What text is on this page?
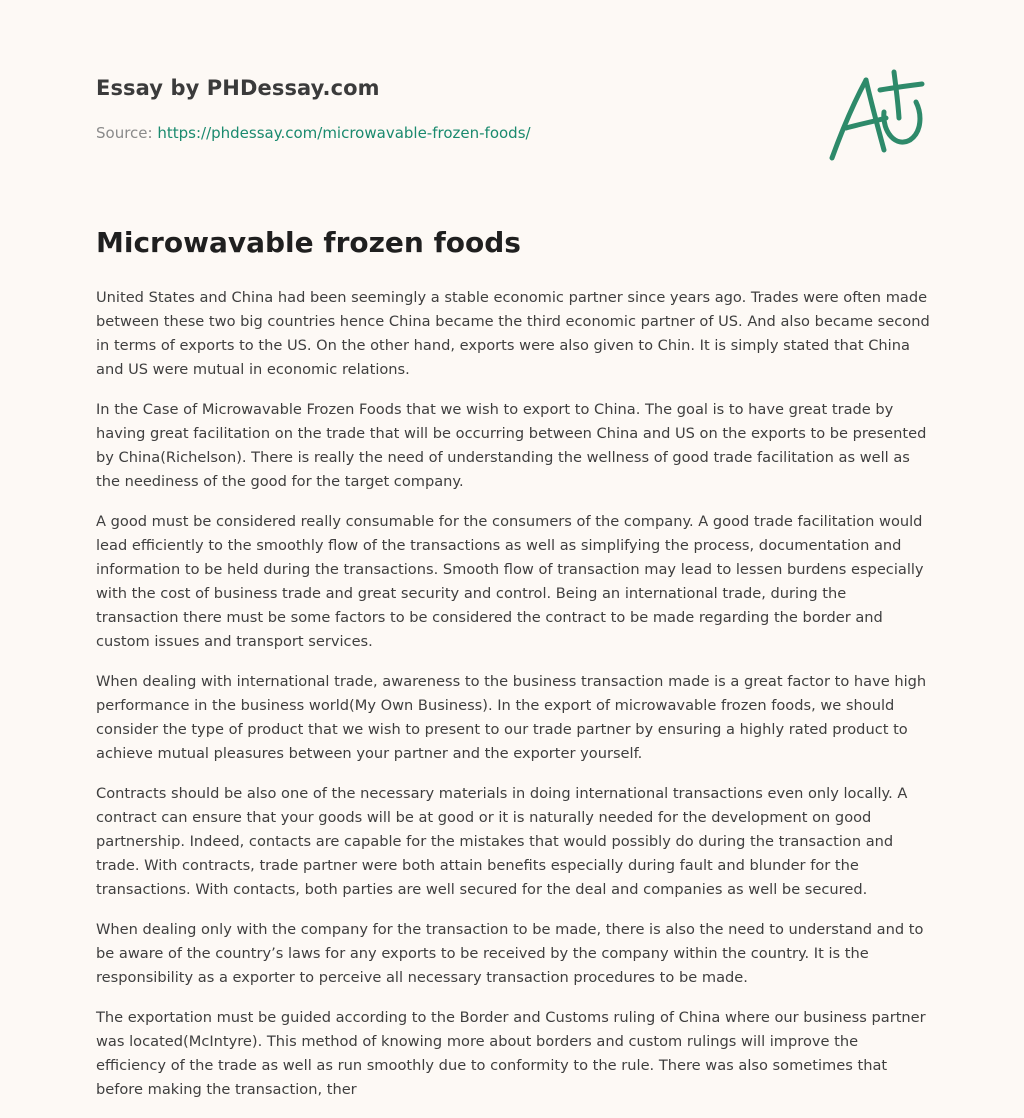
Essay by PHDessay.com

Source: https://phdessay.com/microwavable-frozen-foods/

Microwavable frozen foods

United States and China had been seemingly a stable economic partner since years ago. Trades were often made between these two big countries hence China became the third economic partner of US. And also became second in terms of exports to the US. On the other hand, exports were also given to Chin. It is simply stated that China and US were mutual in economic relations.

In the Case of Microwavable Frozen Foods that we wish to export to China. The goal is to have great trade by having great facilitation on the trade that will be occurring between China and US on the exports to be presented by China(Richelson). There is really the need of understanding the wellness of good trade facilitation as well as the neediness of the good for the target company.

A good must be considered really consumable for the consumers of the company. A good trade facilitation would lead efficiently to the smoothly flow of the transactions as well as simplifying the process, documentation and information to be held during the transactions. Smooth flow of transaction may lead to lessen burdens especially with the cost of business trade and great security and control. Being an international trade, during the transaction there must be some factors to be considered the contract to be made regarding the border and custom issues and transport services.

When dealing with international trade, awareness to the business transaction made is a great factor to have high performance in the business world(My Own Business). In the export of microwavable frozen foods, we should consider the type of product that we wish to present to our trade partner by ensuring a highly rated product to achieve mutual pleasures between your partner and the exporter yourself.

Contracts should be also one of the necessary materials in doing international transactions even only locally. A contract can ensure that your goods will be at good or it is naturally needed for the development on good partnership. Indeed, contacts are capable for the mistakes that would possibly do during the transaction and trade. With contracts, trade partner were both attain benefits especially during fault and blunder for the transactions. With contacts, both parties are well secured for the deal and companies as well be secured.

When dealing only with the company for the transaction to be made, there is also the need to understand and to be aware of the country’s laws for any exports to be received by the company within the country. It is the responsibility as a exporter to perceive all necessary transaction procedures to be made.

The exportation must be guided according to the Border and Customs ruling of China where our business partner was located(McIntyre). This method of knowing more about borders and custom rulings will improve the efficiency of the trade as well as run smoothly due to conformity to the rule. There was also sometimes that before making the transaction, ther
